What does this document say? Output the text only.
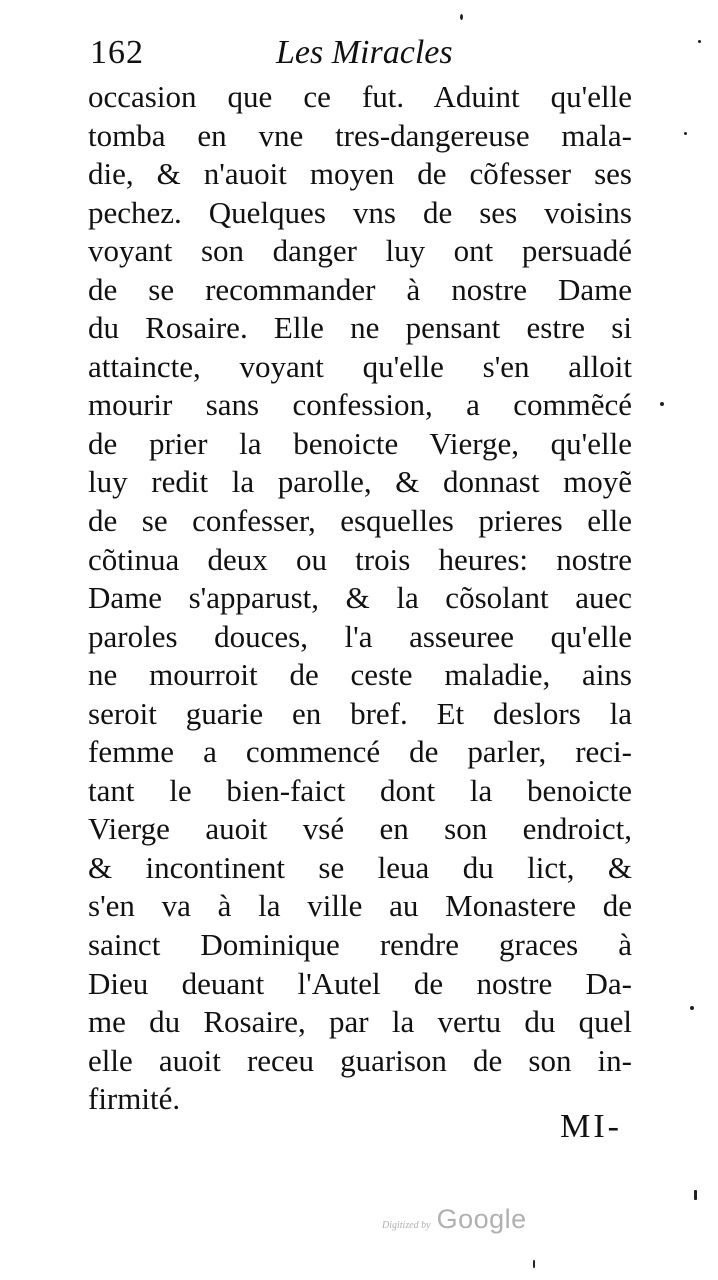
162	Les Miracles
occasion que ce fut. Aduint qu'elle
tomba en vne tres-dangereuse mala-
die, & n'auoit moyen de cõfesser ses
pechez. Quelques vns de ses voisins
voyant son danger luy ont persuadé
de se recommander à nostre Dame
du Rosaire. Elle ne pensant estre si
attaincte, voyant qu'elle s'en alloit
mourir sans confession, a commẽcé
de prier la benoicte Vierge, qu'elle
luy redit la parolle, & donnast moyẽ
de se confesser, esquelles prieres elle
cõtinua deux ou trois heures: nostre
Dame s'apparust, & la cõsolant auec
paroles douces, l'a asseuree qu'elle
ne mourroit de ceste maladie, ains
seroit guarie en bref. Et deslors la
femme a commencé de parler, reci-
tant le bien-faict dont la benoicte
Vierge auoit vsé en son endroict,
& incontinent se leua du lict, &
s'en va à la ville au Monastere de
sainct Dominique rendre graces à
Dieu deuant l'Autel de nostre Da-
me du Rosaire, par la vertu du quel
elle auoit receu guarison de son in-
firmité.
MI-
Digitized by Google
